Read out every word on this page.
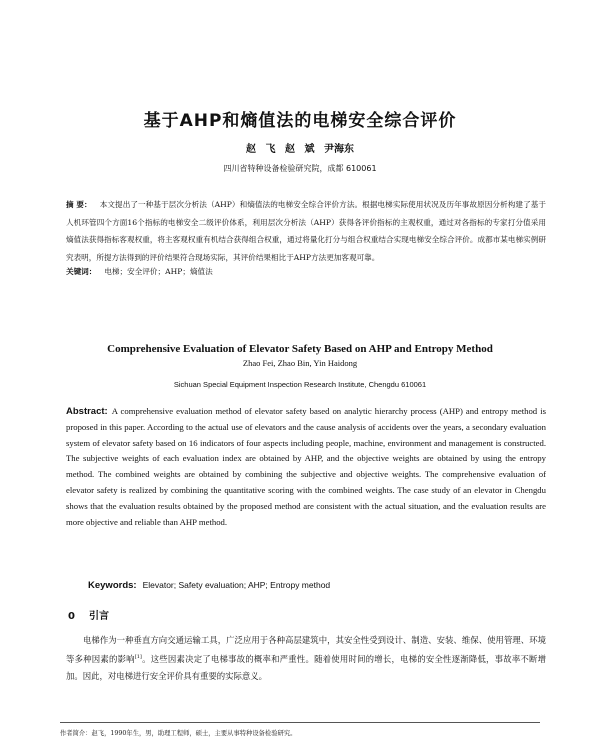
基于AHP和熵值法的电梯安全综合评价
赵 飞 赵 斌 尹海东
四川省特种设备检验研究院，成都 610061
摘 要： 本文提出了一种基于层次分析法（AHP）和熵值法的电梯安全综合评价方法。根据电梯实际使用状况及历年事故原因分析构建了基于人机环管四个方面16个指标的电梯安全二级评价体系，利用层次分析法（AHP）获得各评价指标的主观权重，通过对各指标的专家打分值采用熵值法获得指标客观权重，将主客观权重有机结合获得组合权重，通过将量化打分与组合权重结合实现电梯安全综合评价。成都市某电梯实例研究表明，所提方法得到的评价结果符合现场实际，其评价结果相比于AHP方法更加客观可靠。
关键词： 电梯；安全评价；AHP；熵值法
Comprehensive Evaluation of Elevator Safety Based on AHP and Entropy Method
Zhao Fei, Zhao Bin, Yin Haidong
Sichuan Special Equipment Inspection Research Institute, Chengdu 610061
Abstract: A comprehensive evaluation method of elevator safety based on analytic hierarchy process (AHP) and entropy method is proposed in this paper. According to the actual use of elevators and the cause analysis of accidents over the years, a secondary evaluation system of elevator safety based on 16 indicators of four aspects including people, machine, environment and management is constructed. The subjective weights of each evaluation index are obtained by AHP, and the objective weights are obtained by using the entropy method. The combined weights are obtained by combining the subjective and objective weights. The comprehensive evaluation of elevator safety is realized by combining the quantitative scoring with the combined weights. The case study of an elevator in Chengdu shows that the evaluation results obtained by the proposed method are consistent with the actual situation, and the evaluation results are more objective and reliable than AHP method.
Keywords: Elevator; Safety evaluation; AHP; Entropy method
0 引言
电梯作为一种垂直方向交通运输工具，广泛应用于各种高层建筑中，其安全性受到设计、制造、安装、维保、使用管理、环境等多种因素的影响[1]。这些因素决定了电梯事故的概率和严重性。随着使用时间的增长，电梯的安全性逐渐降低，事故率不断增加。因此，对电梯进行安全评价具有重要的实际意义。
作者简介：赵飞，1990年生，男，助理工程师，硕士，主要从事特种设备检验研究。
